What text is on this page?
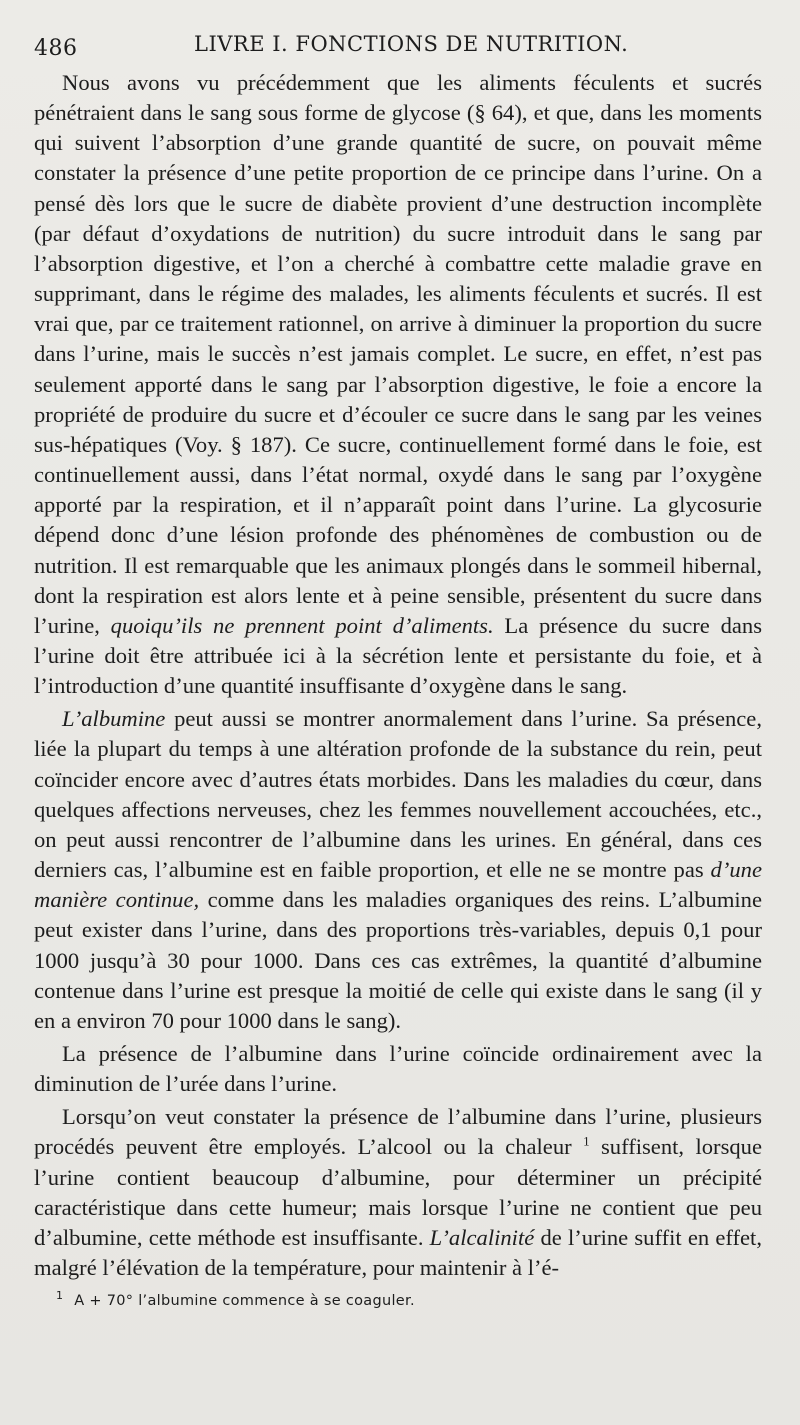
486	LIVRE I. FONCTIONS DE NUTRITION.

Nous avons vu précédemment que les aliments féculents et sucrés pénétraient dans le sang sous forme de glycose (§ 64), et que, dans les moments qui suivent l’absorption d’une grande quantité de sucre, on pouvait même constater la présence d’une petite proportion de ce principe dans l’urine. On a pensé dès lors que le sucre de diabète provient d’une destruction incomplète (par défaut d’oxydations de nutrition) du sucre introduit dans le sang par l’absorption digestive, et l’on a cherché à combattre cette maladie grave en supprimant, dans le régime des malades, les aliments féculents et sucrés. Il est vrai que, par ce traitement rationnel, on arrive à diminuer la proportion du sucre dans l’urine, mais le succès n’est jamais complet. Le sucre, en effet, n’est pas seulement apporté dans le sang par l’absorption digestive, le foie a encore la propriété de produire du sucre et d’écouler ce sucre dans le sang par les veines sus-hépatiques (Voy. § 187). Ce sucre, continuellement formé dans le foie, est continuellement aussi, dans l’état normal, oxydé dans le sang par l’oxygène apporté par la respiration, et il n’apparaît point dans l’urine. La glycosurie dépend donc d’une lésion profonde des phénomènes de combustion ou de nutrition. Il est remarquable que les animaux plongés dans le sommeil hibernal, dont la respiration est alors lente et à peine sensible, présentent du sucre dans l’urine, quoiqu’ils ne prennent point d’aliments. La présence du sucre dans l’urine doit être attribuée ici à la sécrétion lente et persistante du foie, et à l’introduction d’une quantité insuffisante d’oxygène dans le sang.

L’albumine peut aussi se montrer anormalement dans l’urine. Sa présence, liée la plupart du temps à une altération profonde de la substance du rein, peut coïncider encore avec d’autres états morbides. Dans les maladies du cœur, dans quelques affections nerveuses, chez les femmes nouvellement accouchées, etc., on peut aussi rencontrer de l’albumine dans les urines. En général, dans ces derniers cas, l’albumine est en faible proportion, et elle ne se montre pas d’une manière continue, comme dans les maladies organiques des reins. L’albumine peut exister dans l’urine, dans des proportions très-variables, depuis 0,1 pour 1000 jusqu’à 30 pour 1000. Dans ces cas extrêmes, la quantité d’albumine contenue dans l’urine est presque la moitié de celle qui existe dans le sang (il y en a environ 70 pour 1000 dans le sang).

La présence de l’albumine dans l’urine coïncide ordinairement avec la diminution de l’urée dans l’urine.

Lorsqu’on veut constater la présence de l’albumine dans l’urine, plusieurs procédés peuvent être employés. L’alcool ou la chaleur $^1$ suffisent, lorsque l’urine contient beaucoup d’albumine, pour déterminer un précipité caractéristique dans cette humeur; mais lorsque l’urine ne contient que peu d’albumine, cette méthode est insuffisante. L’alcalinité de l’urine suffit en effet, malgré l’élévation de la température, pour maintenir à l’é-

$^1$ A + 70° l’albumine commence à se coaguler.
